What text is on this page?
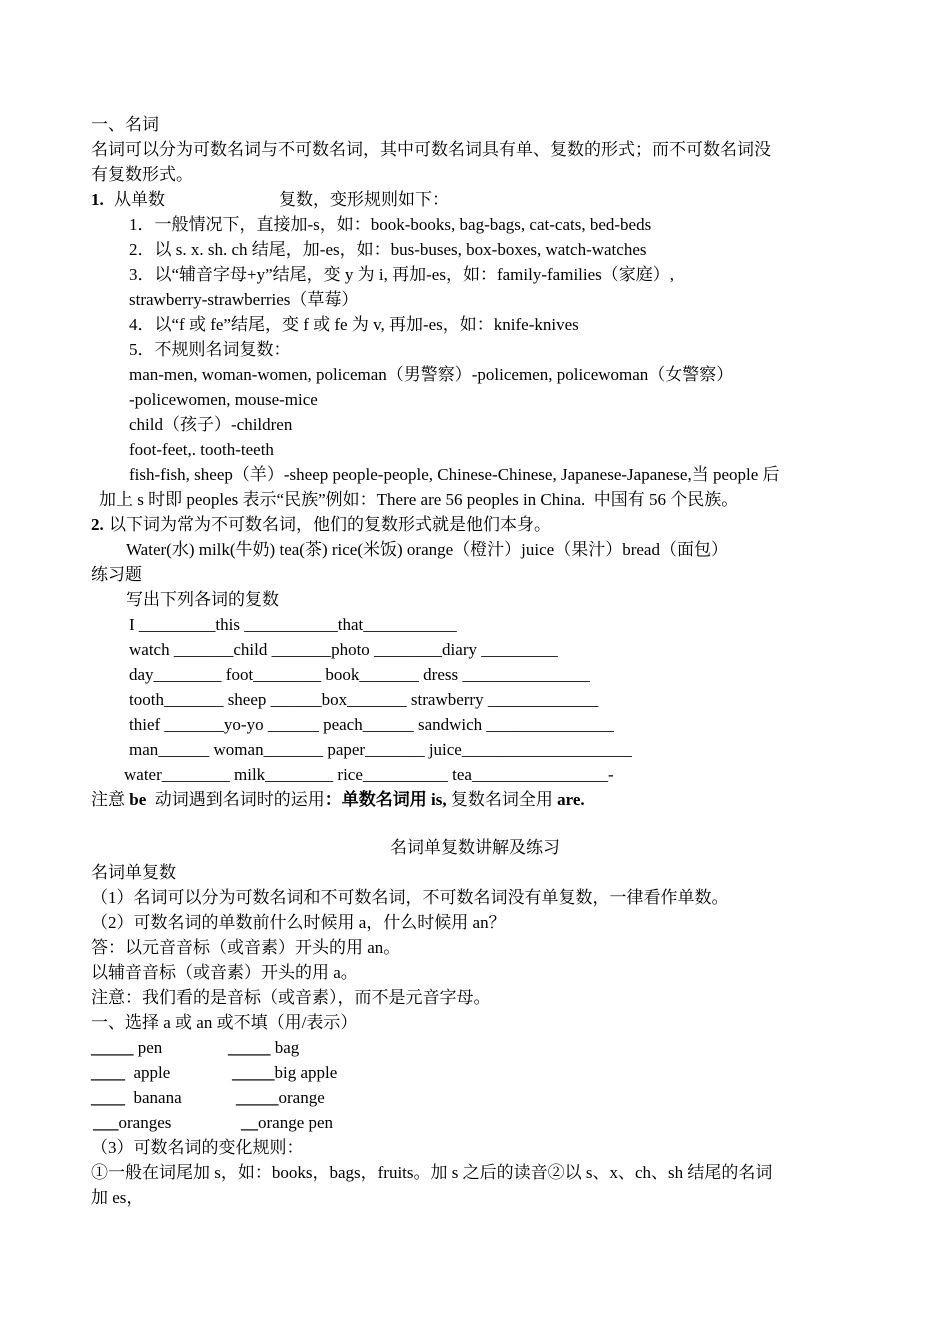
一、名词
名词可以分为可数名词与不可数名词，其中可数名词具有单、复数的形式；而不可数名词没
有复数形式。
1. 从单数	复数，变形规则如下：
1．一般情况下，直接加-s，如：book-books, bag-bags, cat-cats, bed-beds
2．以 s. x. sh. ch 结尾，加-es，如：bus-buses, box-boxes, watch-watches
3．以“辅音字母+y”结尾，变 y 为 i, 再加-es，如：family-families（家庭）,
strawberry-strawberries（草莓）
4．以“f 或 fe”结尾，变 f 或 fe 为 v, 再加-es，如：knife-knives
5．不规则名词复数：
man-men, woman-women, policeman（男警察）-policemen, policewoman（女警察）
-policewomen, mouse-mice
child（孩子）-children
foot-feet,. tooth-teeth
fish-fish, sheep（羊）-sheep people-people, Chinese-Chinese, Japanese-Japanese,当 people 后
加上 s 时即 peoples 表示“民族”例如：There are 56 peoples in China.  中国有 56 个民族。
2. 以下词为常为不可数名词，他们的复数形式就是他们本身。
Water(水) milk(牛奶) tea(茶) rice(米饭) orange（橙汁）juice（果汁）bread（面包）
练习题
写出下列各词的复数
I _________this ___________that___________
watch _______child _______photo ________diary _________
day________ foot________ book_______ dress _______________
tooth_______ sheep ______box_______ strawberry _____________
thief _______yo-yo ______ peach______ sandwich _______________
man______ woman_______ paper_______ juice____________________
water________ milk________ rice__________ tea________________-
注意 be  动词遇到名词时的运用：单数名词用 is, 复数名词全用 are.
名词单复数讲解及练习
名词单复数
（1）名词可以分为可数名词和不可数名词，不可数名词没有单复数，一律看作单数。
（2）可数名词的单数前什么时候用 a，什么时候用 an？
答：以元音音标（或音素）开头的用 an。
以辅音音标（或音素）开头的用 a。
注意：我们看的是音标（或音素），而不是元音字母。
一、选择 a 或 an 或不填（用/表示）
_____ pen	_____ bag
____  apple	_____big apple
____  banana	_____orange
___oranges	__orange pen
（3）可数名词的变化规则：
①一般在词尾加 s，如：books，bags，fruits。加 s 之后的读音②以 s、x、ch、sh 结尾的名词
加 es，
